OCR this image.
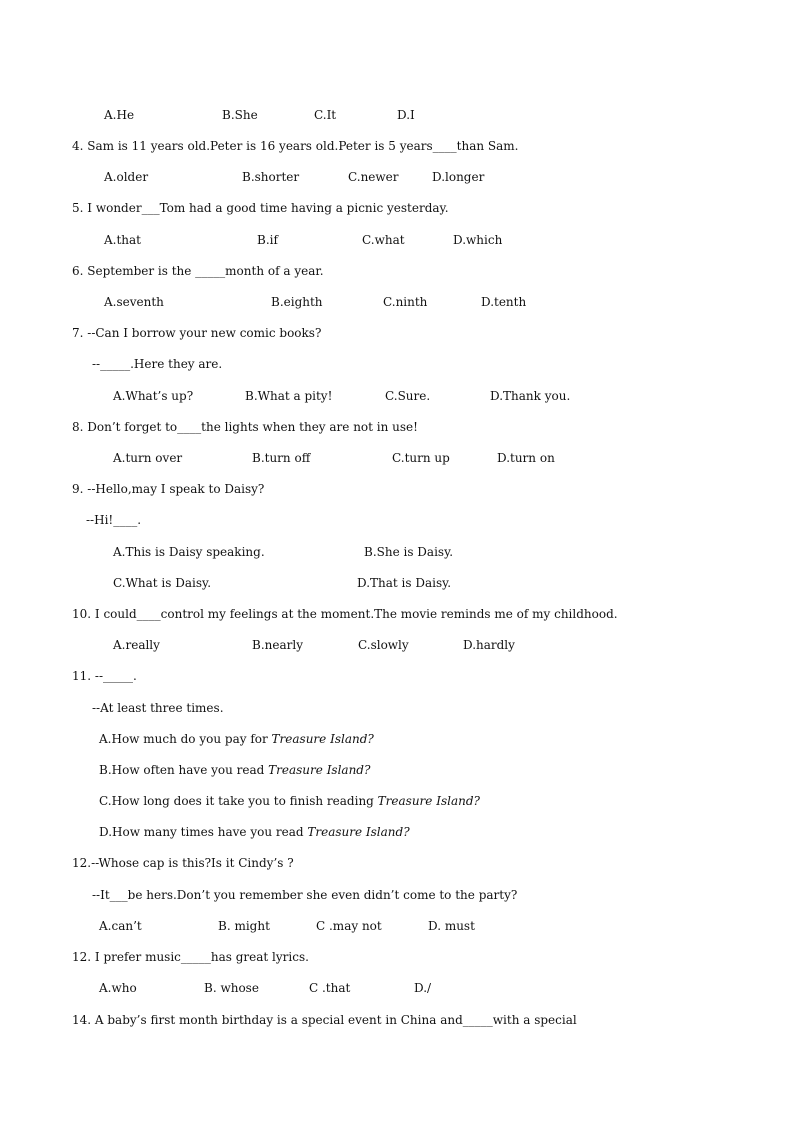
A.He	B.She	C.It	D.I
4. Sam is 11 years old.Peter is 16 years old.Peter is 5 years____than Sam.
A.older	B.shorter	C.newer	D.longer
5. I wonder___Tom had a good time having a picnic yesterday.
A.that	B.if	C.what	D.which
6. September is the _____month of a year.
A.seventh	B.eighth	C.ninth	D.tenth
7. --Can I borrow your new comic books?
--_____.Here they are.
A.What’s up?	B.What a pity!	C.Sure.	D.Thank you.
8. Don’t forget to____the lights when they are not in use!
A.turn over	B.turn off	C.turn up	D.turn on
9. --Hello,may I speak to Daisy?
--Hi!____.
A.This is Daisy speaking.	B.She is Daisy.
C.What is Daisy.	D.That is Daisy.
10. I could____control my feelings at the moment.The movie reminds me of my childhood.
A.really	B.nearly	C.slowly	D.hardly
11. --_____.
--At least three times.
A.How much do you pay for Treasure Island?
B.How often have you read Treasure Island?
C.How long does it take you to finish reading Treasure Island?
D.How many times have you read Treasure Island?
12.--Whose cap is this?Is it Cindy’s ?
--It___be hers.Don’t you remember she even didn’t come to the party?
A.can’t	B. might	C .may not	D. must
12. I prefer music_____has great lyrics.
A.who	B. whose	C .that	D./
14. A baby’s first month birthday is a special event in China and_____with a special
